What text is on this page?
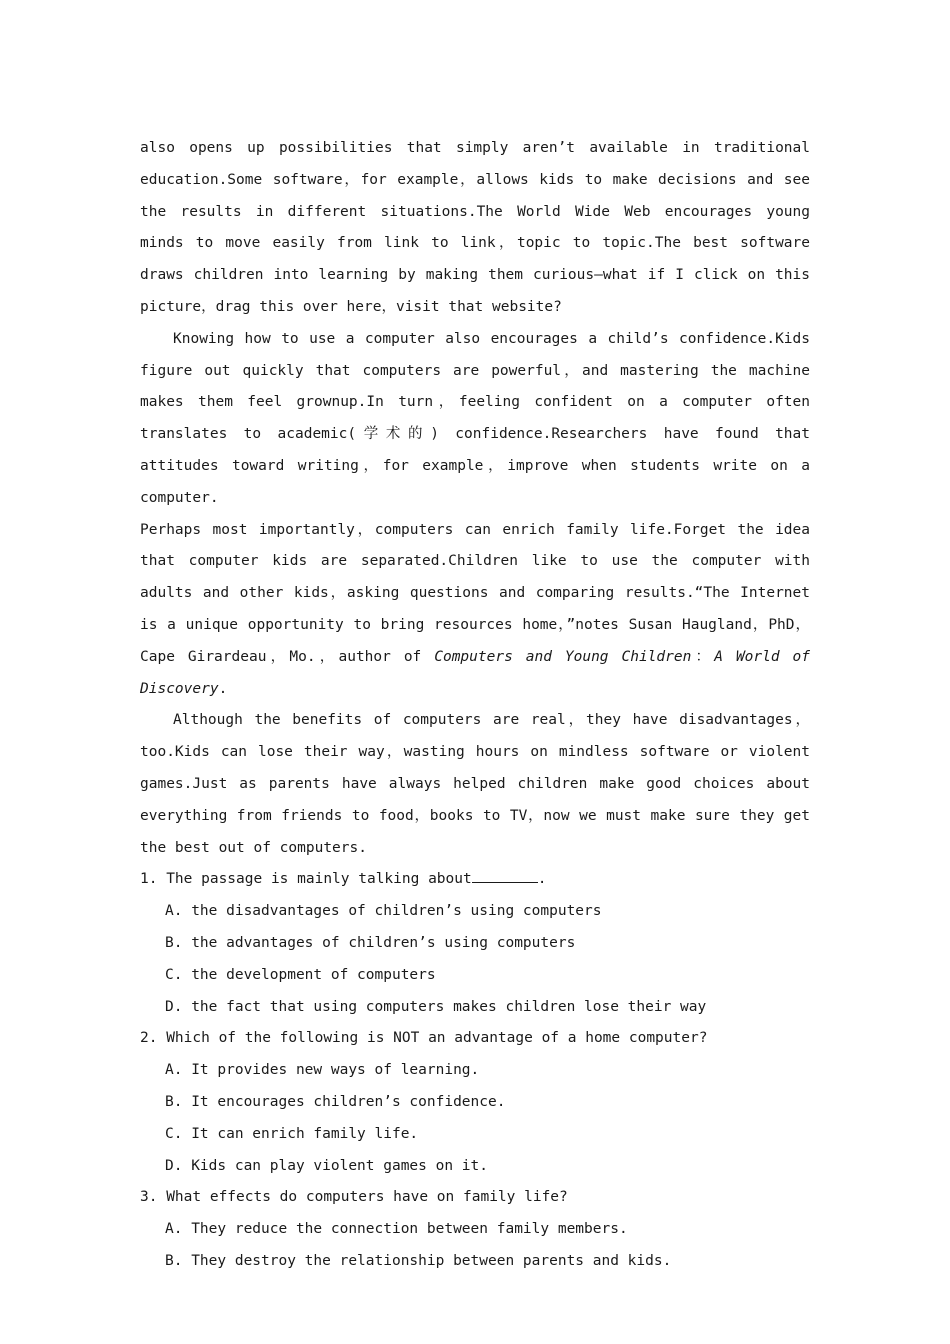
also opens up possibilities that simply aren’t available in traditional education.Some software，for example，allows kids to make decisions and see the results in different situations.The World Wide Web encourages young minds to move easily from link to link，topic to topic.The best software draws children into learning by making them curious—what if I click on this picture，drag this over here，visit that website?

Knowing how to use a computer also encourages a child’s confidence.Kids figure out quickly that computers are powerful，and mastering the machine makes them feel grownup.In turn，feeling confident on a computer often translates to academic(学术的) confidence.Researchers have found that attitudes toward writing，for example，improve when students write on a computer.

Perhaps most importantly，computers can enrich family life.Forget the idea that computer kids are separated.Children like to use the computer with adults and other kids，asking questions and comparing results.“The Internet is a unique opportunity to bring resources home，”notes Susan Haugland，PhD，Cape Girardeau，Mo.，author of Computers and Young Children：A World of Discovery.

Although the benefits of computers are real，they have disadvantages，too.Kids can lose their way，wasting hours on mindless software or violent games.Just as parents have always helped children make good choices about everything from friends to food，books to TV，now we must make sure they get the best out of computers.

1. The passage is mainly talking about	.

A. the disadvantages of children’s using computers

B. the advantages of children’s using computers

C. the development of computers

D. the fact that using computers makes children lose their way

2. Which of the following is NOT an advantage of a home computer?

A. It provides new ways of learning.

B. It encourages children’s confidence.

C. It can enrich family life.

D. Kids can play violent games on it.

3. What effects do computers have on family life?

A. They reduce the connection between family members.

B. They destroy the relationship between parents and kids.
